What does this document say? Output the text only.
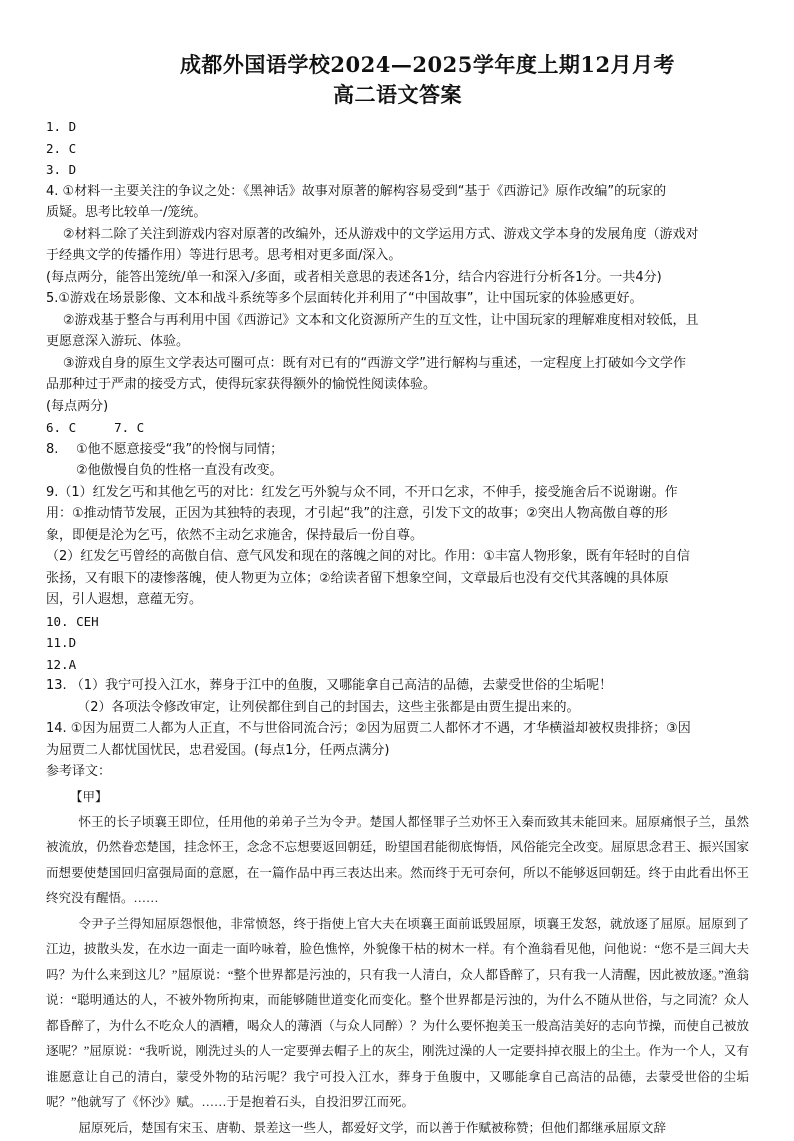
成都外国语学校2024—2025学年度上期12月月考

高二语文答案

1. D

2. C

3. D

4. ①材料一主要关注的争议之处：《黑神话》故事对原著的解构容易受到“基于《西游记》原作改编”的玩家的

质疑。思考比较单一/笼统。

②材料二除了关注到游戏内容对原著的改编外，还从游戏中的文学运用方式、游戏文学本身的发展角度（游戏对

于经典文学的传播作用）等进行思考。思考相对更多面/深入。

(每点两分，能答出笼统/单一和深入/多面，或者相关意思的表述各1分，结合内容进行分析各1分。一共4分)

5.①游戏在场景影像、文本和战斗系统等多个层面转化并利用了“中国故事”，让中国玩家的体验感更好。

②游戏基于整合与再利用中国《西游记》文本和文化资源所产生的互文性，让中国玩家的理解难度相对较低，且

更愿意深入游玩、体验。

③游戏自身的原生文学表达可圈可点：既有对已有的“西游文学”进行解构与重述，一定程度上打破如今文学作

品那种过于严肃的接受方式，使得玩家获得额外的愉悦性阅读体验。

(每点两分)

6. C	7. C

8. ①他不愿意接受“我”的怜悯与同情；

②他傲慢自负的性格一直没有改变。

9.（1）红发乞丐和其他乞丐的对比：红发乞丐外貌与众不同，不开口乞求，不伸手，接受施舍后不说谢谢。作

用：①推动情节发展，正因为其独特的表现，才引起“我”的注意，引发下文的故事；②突出人物高傲自尊的形

象，即便是沦为乞丐，依然不主动乞求施舍，保持最后一份自尊。

（2）红发乞丐曾经的高傲自信、意气风发和现在的落魄之间的对比。作用：①丰富人物形象，既有年轻时的自信

张扬，又有眼下的凄惨落魄，使人物更为立体；②给读者留下想象空间，文章最后也没有交代其落魄的具体原

因，引人遐想，意蕴无穷。

10. CEH

11.D

12.A

13. （1）我宁可投入江水，葬身于江中的鱼腹，又哪能拿自己高洁的品德，去蒙受世俗的尘垢呢！

（2）各项法令修改审定，让列侯都住到自己的封国去，这些主张都是由贾生提出来的。

14. ①因为屈贾二人都为人正直，不与世俗同流合污；②因为屈贾二人都怀才不遇，才华横溢却被权贵排挤；③因

为屈贾二人都忧国忧民，忠君爱国。(每点1分，任两点满分)

参考译文：

【甲】

怀王的长子顷襄王即位，任用他的弟弟子兰为令尹。楚国人都怪罪子兰劝怀王入秦而致其未能回来。屈原痛恨子兰，虽然被流放，仍然眷恋楚国，挂念怀王，念念不忘想要返回朝廷，盼望国君能彻底悔悟，风俗能完全改变。屈原思念君王、振兴国家而想要使楚国回归富强局面的意愿，在一篇作品中再三表达出来。然而终于无可奈何，所以不能够返回朝廷。终于由此看出怀王终究没有醒悟。……

令尹子兰得知屈原怨恨他，非常愤怒，终于指使上官大夫在顷襄王面前诋毁屈原，顷襄王发怒，就放逐了屈原。屈原到了江边，披散头发，在水边一面走一面吟咏着，脸色憔悴，外貌像干枯的树木一样。有个渔翁看见他，问他说：“您不是三闾大夫吗？为什么来到这儿？”屈原说：“整个世界都是污浊的，只有我一人清白，众人都昏醉了，只有我一人清醒，因此被放逐。”渔翁说：“聪明通达的人，不被外物所拘束，而能够随世道变化而变化。整个世界都是污浊的，为什么不随从世俗，与之同流？众人都昏醉了，为什么不吃众人的酒糟，喝众人的薄酒（与众人同醉）？为什么要怀抱美玉一般高洁美好的志向节操，而使自己被放逐呢？”屈原说：“我听说，刚洗过头的人一定要弹去帽子上的灰尘，刚洗过澡的人一定要抖掉衣服上的尘土。作为一个人，又有谁愿意让自己的清白，蒙受外物的玷污呢？我宁可投入江水，葬身于鱼腹中，又哪能拿自己高洁的品德，去蒙受世俗的尘垢呢？”他就写了《怀沙》赋。……于是抱着石头，自投汨罗江而死。

屈原死后，楚国有宋玉、唐勒、景差这一些人，都爱好文学，而以善于作赋被称赞；但他们都继承屈原文辞
